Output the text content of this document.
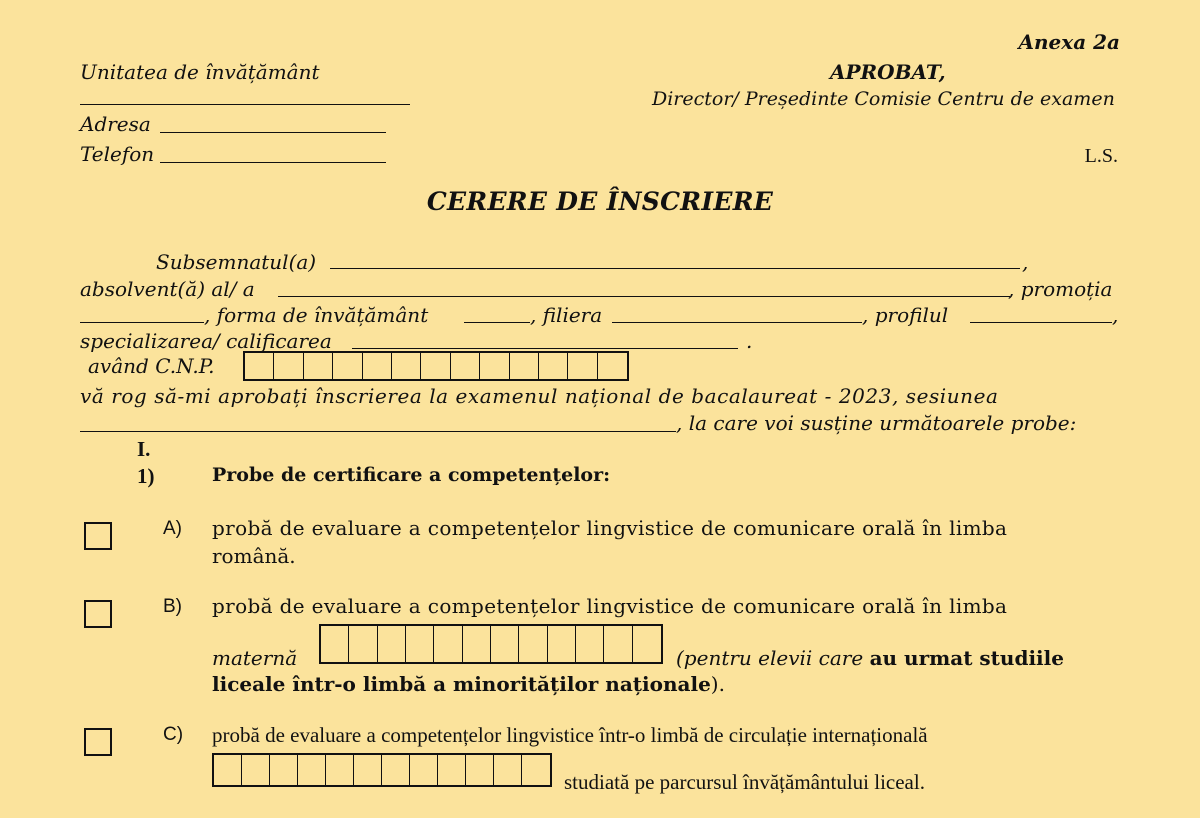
Anexa 2a
Unitatea de învățământ	APROBAT,
Director/ Președinte Comisie Centru de examen
Adresa
Telefon	L.S.
CERERE DE ÎNSCRIERE
Subsemnatul(a)	,
absolvent(ă) al/ a	, promoția
, forma de învățământ	, filiera	, profilul	,
specializarea/ calificarea	.
având C.N.P.
vă rog să-mi aprobați înscrierea la examenul național de bacalaureat - 2023, sesiunea
, la care voi susține următoarele probe:
I.
1)	Probe de certificare a competențelor:
A) probă de evaluare a competențelor lingvistice de comunicare orală în limba
română.
B) probă de evaluare a competențelor lingvistice de comunicare orală în limba
maternă	(pentru elevii care au urmat studiile
liceale într-o limbă a minorităților naționale).
C) probă de evaluare a competențelor lingvistice într-o limbă de circulație internațională
studiată pe parcursul învățământului liceal.
